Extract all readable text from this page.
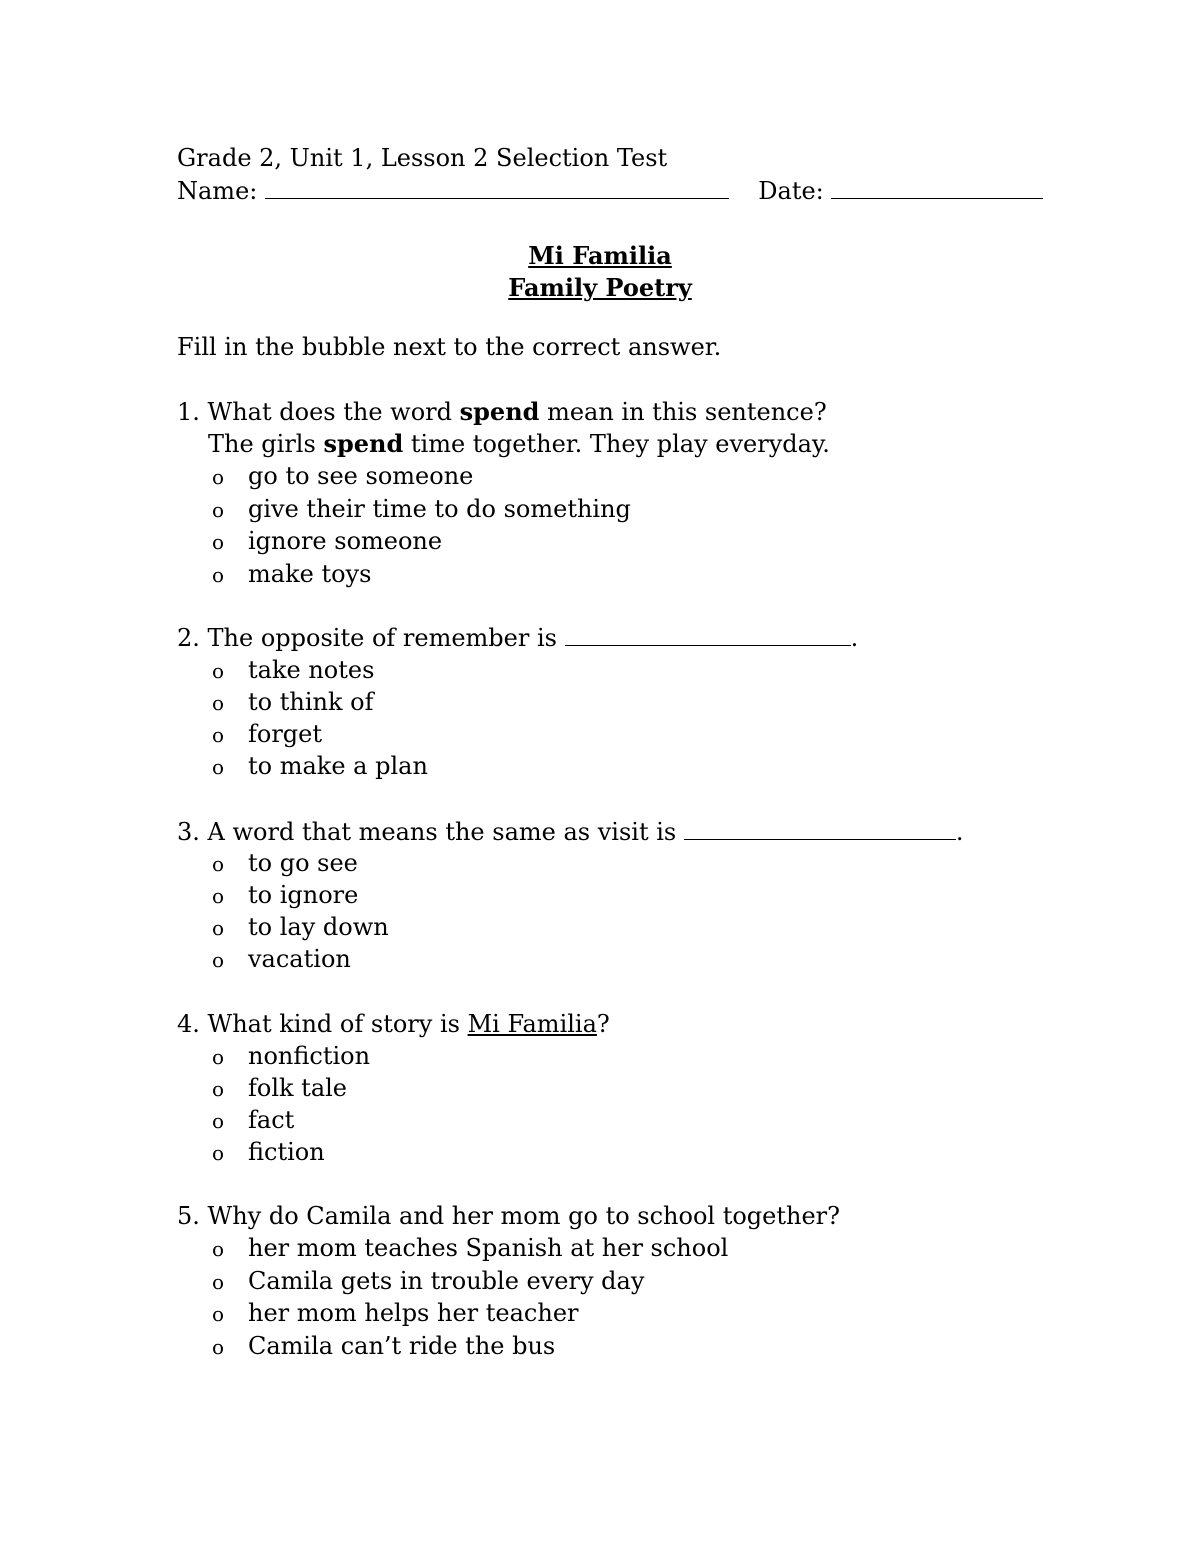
Grade 2, Unit 1, Lesson 2 Selection Test
Name:	Date:
Mi Familia
Family Poetry
Fill in the bubble next to the correct answer.
1. What does the word spend mean in this sentence?
The girls spend time together. They play everyday.
o go to see someone
o give their time to do something
o ignore someone
o make toys
2. The opposite of remember is	.
o take notes
o to think of
o forget
o to make a plan
3. A word that means the same as visit is	.
o to go see
o to ignore
o to lay down
o vacation
4. What kind of story is Mi Familia?
o nonfiction
o folk tale
o fact
o fiction
5. Why do Camila and her mom go to school together?
o her mom teaches Spanish at her school
o Camila gets in trouble every day
o her mom helps her teacher
o Camila can’t ride the bus
